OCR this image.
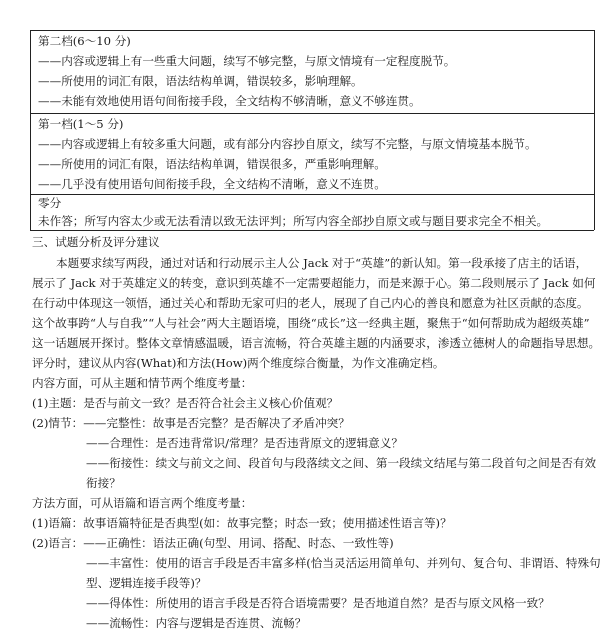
第二档(6～10 分)
——内容或逻辑上有一些重大问题，续写不够完整，与原文情境有一定程度脱节。
——所使用的词汇有限，语法结构单调，错误较多，影响理解。
——未能有效地使用语句间衔接手段，全文结构不够清晰，意义不够连贯。
第一档(1～5 分)
——内容或逻辑上有较多重大问题，或有部分内容抄自原文，续写不完整，与原文情境基本脱节。
——所使用的词汇有限，语法结构单调，错误很多，严重影响理解。
——几乎没有使用语句间衔接手段，全文结构不清晰，意义不连贯。
零分
未作答；所写内容太少或无法看清以致无法评判；所写内容全部抄自原文或与题目要求完全不相关。
三、试题分析及评分建议
本题要求续写两段，通过对话和行动展示主人公 Jack 对于“英雄”的新认知。第一段承接了店主的话语，
展示了 Jack 对于英雄定义的转变，意识到英雄不一定需要超能力，而是来源于心。第二段则展示了 Jack 如何
在行动中体现这一领悟，通过关心和帮助无家可归的老人，展现了自己内心的善良和愿意为社区贡献的态度。
这个故事跨“人与自我”“人与社会”两大主题语境，围绕“成长”这一经典主题，聚焦于“如何帮助成为超级英雄”
这一话题展开探讨。整体文章情感温暖，语言流畅，符合英雄主题的内涵要求，渗透立德树人的命题指导思想。
评分时，建议从内容(What)和方法(How)两个维度综合衡量，为作文准确定档。
内容方面，可从主题和情节两个维度考量：
(1)主题：是否与前文一致？是否符合社会主义核心价值观？
(2)情节：——完整性：故事是否完整？是否解决了矛盾冲突？
——合理性：是否违背常识/常理？是否违背原文的逻辑意义？
——衔接性：续文与前文之间、段首句与段落续文之间、第一段续文结尾与第二段首句之间是否有效
衔接？
方法方面，可从语篇和语言两个维度考量：
(1)语篇：故事语篇特征是否典型(如：故事完整；时态一致；使用描述性语言等)？
(2)语言：——正确性：语法正确(句型、用词、搭配、时态、一致性等)
——丰富性：使用的语言手段是否丰富多样(恰当灵活运用简单句、并列句、复合句、非谓语、特殊句
型、逻辑连接手段等)？
——得体性：所使用的语言手段是否符合语境需要？是否地道自然？是否与原文风格一致？
——流畅性：内容与逻辑是否连贯、流畅？
